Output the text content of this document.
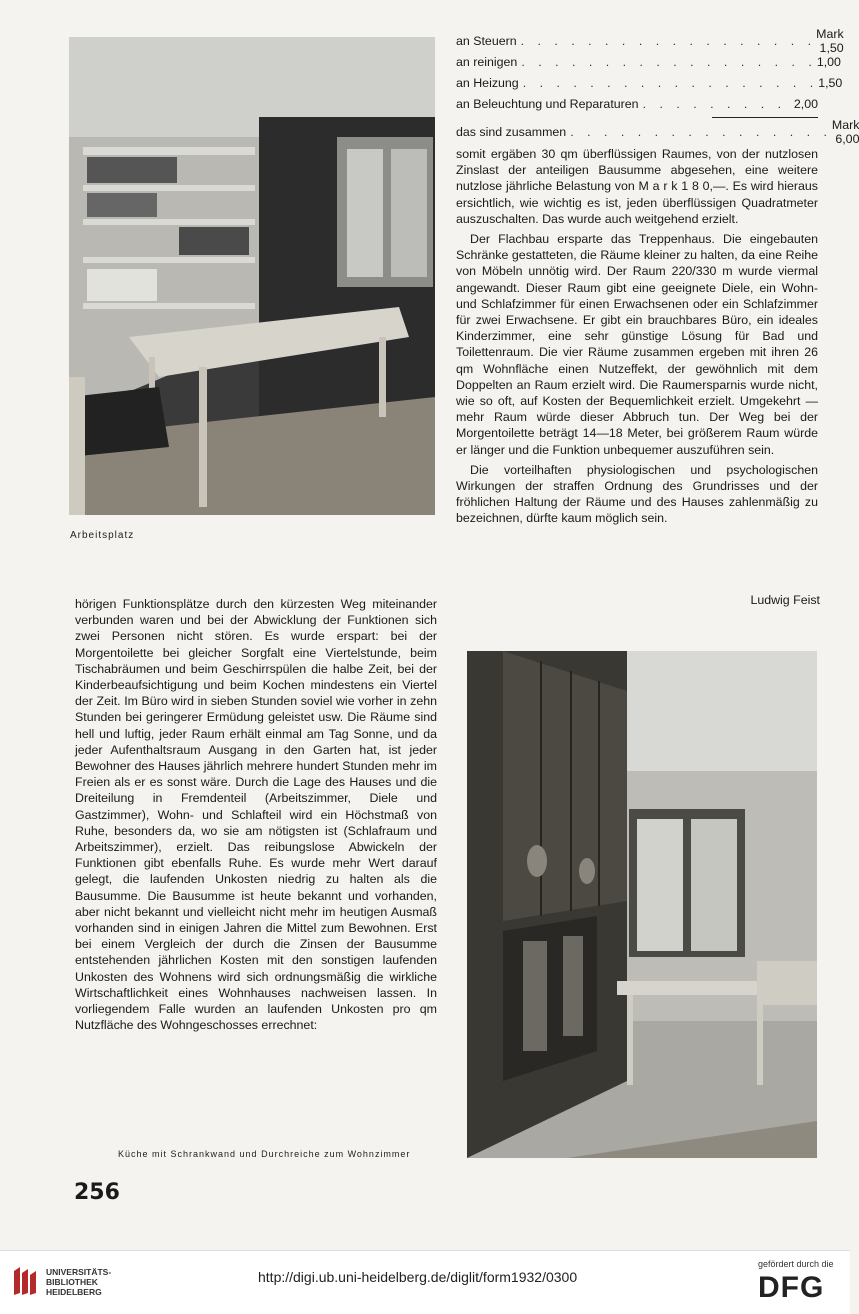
Arbeitsplatz
an Steuern . . . . . . . . . . . . . . . . . . Mark 1,50
an reinigen . . . . . . . . . . . . . . . . . . 1,00
an Heizung . . . . . . . . . . . . . . . . . . 1,50
an Beleuchtung und Reparaturen . . . . . . . . . 2,00
das sind zusammen . . . . . . . . . . . . . . . . Mark 6,00

somit ergäben 30 qm überflüssigen Raumes, von der nutzlosen Zinslast der anteiligen Bausumme abgesehen, eine weitere nutzlose jährliche Belastung von M a r k 1 8 0,—. Es wird hieraus ersichtlich, wie wichtig es ist, jeden überflüssigen Quadratmeter auszuschalten. Das wurde auch weitgehend erzielt.

Der Flachbau ersparte das Treppenhaus. Die eingebauten Schränke gestatteten, die Räume kleiner zu halten, da eine Reihe von Möbeln unnötig wird. Der Raum 220/330 m wurde viermal angewandt. Dieser Raum gibt eine geeignete Diele, ein Wohn- und Schlafzimmer für einen Erwachsenen oder ein Schlafzimmer für zwei Erwachsene. Er gibt ein brauchbares Büro, ein ideales Kinderzimmer, eine sehr günstige Lösung für Bad und Toilettenraum. Die vier Räume zusammen ergeben mit ihren 26 qm Wohnfläche einen Nutzeffekt, der gewöhnlich mit dem Doppelten an Raum erzielt wird. Die Raumersparnis wurde nicht, wie so oft, auf Kosten der Bequemlichkeit erzielt. Umgekehrt — mehr Raum würde dieser Abbruch tun. Der Weg bei der Morgentoilette beträgt 14—18 Meter, bei größerem Raum würde er länger und die Funktion unbequemer auszuführen sein.

Die vorteilhaften physiologischen und psychologischen Wirkungen der straffen Ordnung des Grundrisses und der fröhlichen Haltung der Räume und des Hauses zahlenmäßig zu bezeichnen, dürfte kaum möglich sein.

Ludwig Feist

hörigen Funktionsplätze durch den kürzesten Weg miteinander verbunden waren und bei der Abwicklung der Funktionen sich zwei Personen nicht stören. Es wurde erspart: bei der Morgentoilette bei gleicher Sorgfalt eine Viertelstunde, beim Tischabräumen und beim Geschirrspülen die halbe Zeit, bei der Kinderbeaufsichtigung und beim Kochen mindestens ein Viertel der Zeit. Im Büro wird in sieben Stunden soviel wie vorher in zehn Stunden bei geringerer Ermüdung geleistet usw. Die Räume sind hell und luftig, jeder Raum erhält einmal am Tag Sonne, und da jeder Aufenthaltsraum Ausgang in den Garten hat, ist jeder Bewohner des Hauses jährlich mehrere hundert Stunden mehr im Freien als er es sonst wäre. Durch die Lage des Hauses und die Dreiteilung in Fremdenteil (Arbeitszimmer, Diele und Gastzimmer), Wohn- und Schlafteil wird ein Höchstmaß von Ruhe, besonders da, wo sie am nötigsten ist (Schlafraum und Arbeitszimmer), erzielt. Das reibungslose Abwickeln der Funktionen gibt ebenfalls Ruhe. Es wurde mehr Wert darauf gelegt, die laufenden Unkosten niedrig zu halten als die Bausumme. Die Bausumme ist heute bekannt und vorhanden, aber nicht bekannt und vielleicht nicht mehr im heutigen Ausmaß vorhanden sind in einigen Jahren die Mittel zum Bewohnen. Erst bei einem Vergleich der durch die Zinsen der Bausumme entstehenden jährlichen Kosten mit den sonstigen laufenden Unkosten des Wohnens wird sich ordnungsmäßig die wirkliche Wirtschaftlichkeit eines Wohnhauses nachweisen lassen. In vorliegendem Falle wurden an laufenden Unkosten pro qm Nutzfläche des Wohngeschosses errechnet:

Küche mit Schrankwand und Durchreiche zum Wohnzimmer
256
UNIVERSITÄTS-
BIBLIOTHEK
HEIDELBERG
http://digi.ub.uni-heidelberg.de/diglit/form1932/0300
gefördert durch die
DFG
